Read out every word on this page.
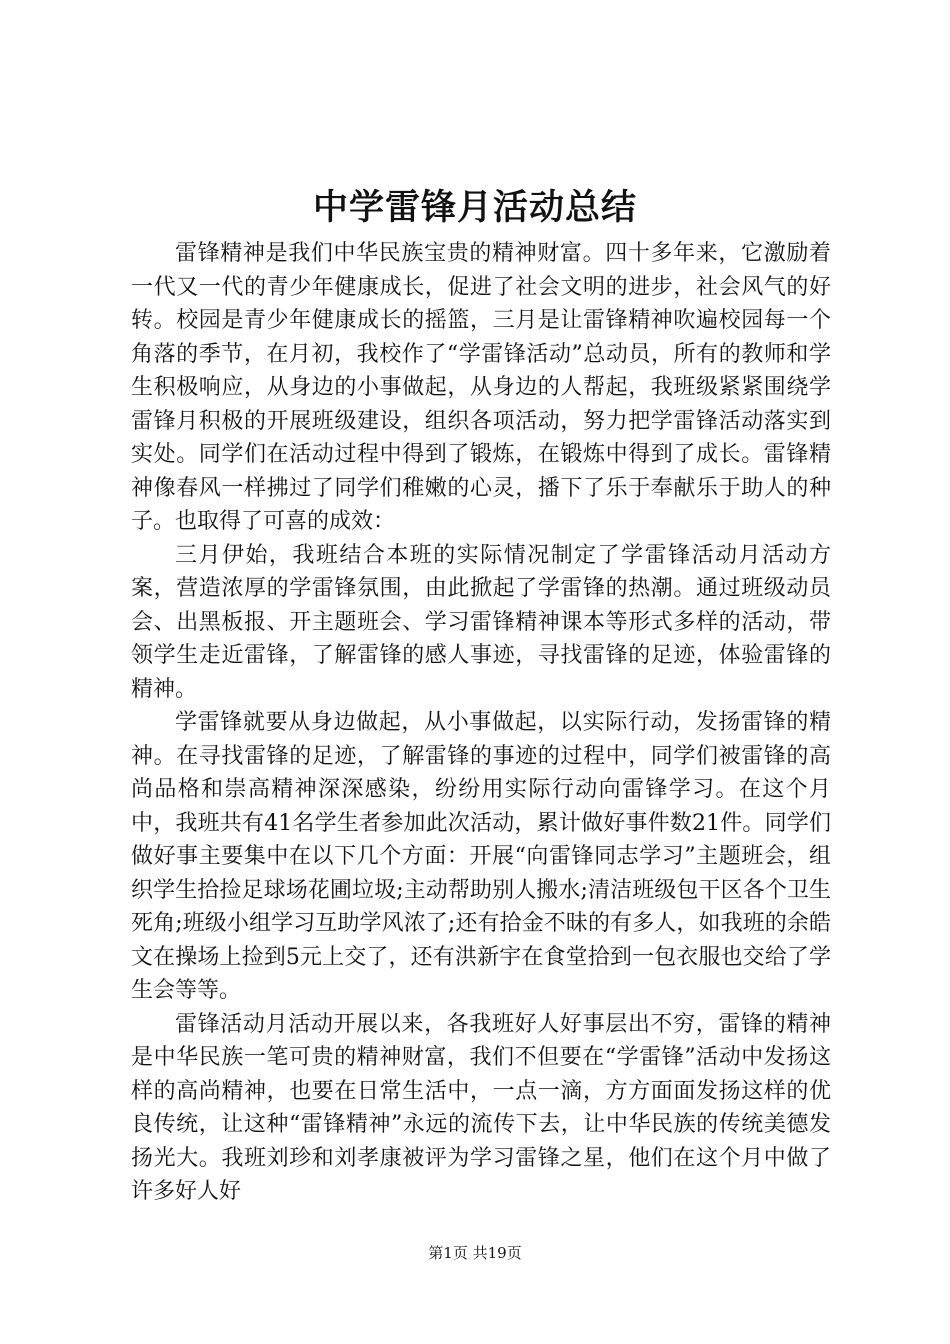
中学雷锋月活动总结

雷锋精神是我们中华民族宝贵的精神财富。四十多年来，它激励着一代又一代的青少年健康成长，促进了社会文明的进步，社会风气的好转。校园是青少年健康成长的摇篮，三月是让雷锋精神吹遍校园每一个角落的季节，在月初，我校作了“学雷锋活动”总动员，所有的教师和学生积极响应，从身边的小事做起，从身边的人帮起，我班级紧紧围绕学雷锋月积极的开展班级建设，组织各项活动，努力把学雷锋活动落实到实处。同学们在活动过程中得到了锻炼，在锻炼中得到了成长。雷锋精神像春风一样拂过了同学们稚嫩的心灵，播下了乐于奉献乐于助人的种子。也取得了可喜的成效：

三月伊始，我班结合本班的实际情况制定了学雷锋活动月活动方案，营造浓厚的学雷锋氛围，由此掀起了学雷锋的热潮。通过班级动员会、出黑板报、开主题班会、学习雷锋精神课本等形式多样的活动，带领学生走近雷锋，了解雷锋的感人事迹，寻找雷锋的足迹，体验雷锋的精神。

学雷锋就要从身边做起，从小事做起，以实际行动，发扬雷锋的精神。在寻找雷锋的足迹，了解雷锋的事迹的过程中，同学们被雷锋的高尚品格和崇高精神深深感染，纷纷用实际行动向雷锋学习。在这个月中，我班共有41名学生者参加此次活动，累计做好事件数21件。同学们做好事主要集中在以下几个方面：开展“向雷锋同志学习”主题班会，组织学生拾捡足球场花圃垃圾;主动帮助别人搬水;清洁班级包干区各个卫生死角;班级小组学习互助学风浓了;还有拾金不昧的有多人，如我班的余皓文在操场上捡到5元上交了，还有洪新宇在食堂拾到一包衣服也交给了学生会等等。

雷锋活动月活动开展以来，各我班好人好事层出不穷，雷锋的精神是中华民族一笔可贵的精神财富，我们不但要在“学雷锋”活动中发扬这样的高尚精神，也要在日常生活中，一点一滴，方方面面发扬这样的优良传统，让这种“雷锋精神”永远的流传下去，让中华民族的传统美德发扬光大。我班刘珍和刘孝康被评为学习雷锋之星，他们在这个月中做了许多好人好

第1页 共19页
